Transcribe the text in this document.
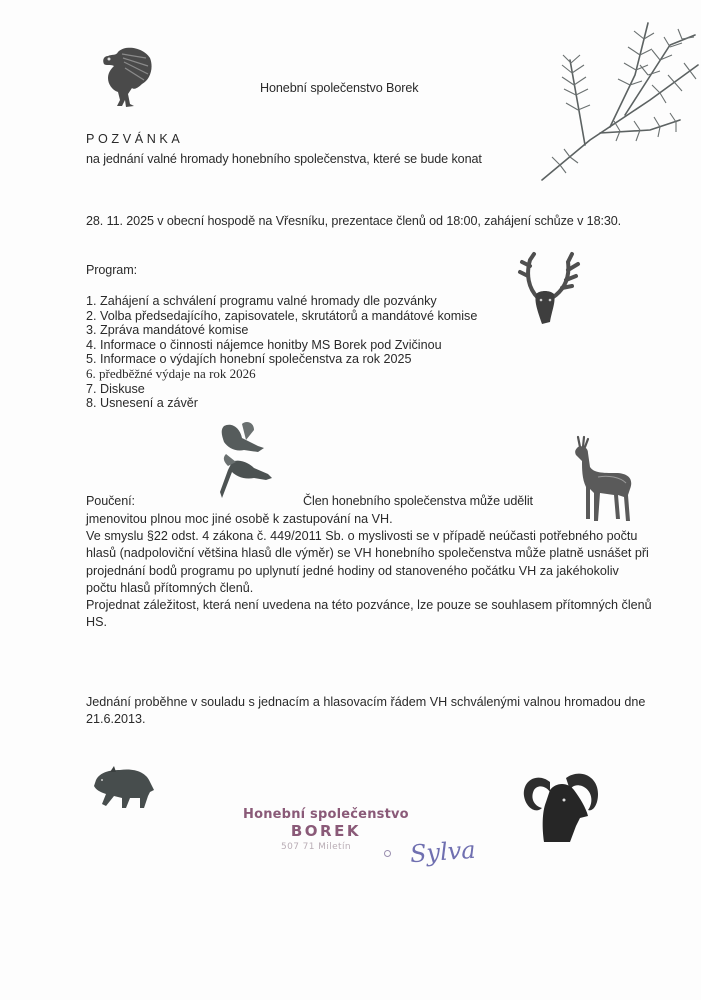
Honební společenstvo Borek
POZVÁNKA
na jednání valné hromady honebního společenstva, které se bude konat
28. 11. 2025 v obecní hospodě na Vřesníku, prezentace členů od 18:00, zahájení schůze v 18:30.
Program:
1. Zahájení a schválení programu valné hromady dle pozvánky
2. Volba předsedajícího, zapisovatele, skrutátorů a mandátové komise
3. Zpráva mandátové komise
4. Informace o činnosti nájemce honitby MS Borek pod Zvičinou
5. Informace o výdajích honební společenstva za rok 2025
6. předběžné výdaje na rok 2026
7. Diskuse
8. Usnesení a závěr
Poučení:	Člen honebního společenstva může udělit
jmenovitou plnou moc jiné osobě k zastupování na VH.
Ve smyslu §22 odst. 4 zákona č. 449/2011 Sb. o myslivosti se v případě neúčasti potřebného počtu
hlasů (nadpoloviční většina hlasů dle výměr) se VH honebního společenstva může platně usnášet při
projednání bodů programu po uplynutí jedné hodiny od stanoveného počátku VH za jakéhokoliv
počtu hlasů přítomných členů.
Projednat záležitost, která není uvedena na této pozvánce, lze pouze se souhlasem přítomných členů
HS.
Jednání proběhne v souladu s jednacím a hlasovacím řádem VH schválenými valnou hromadou dne
21.6.2013.
Honební společenstvo
BOREK
507 71 Miletín	Sylva
